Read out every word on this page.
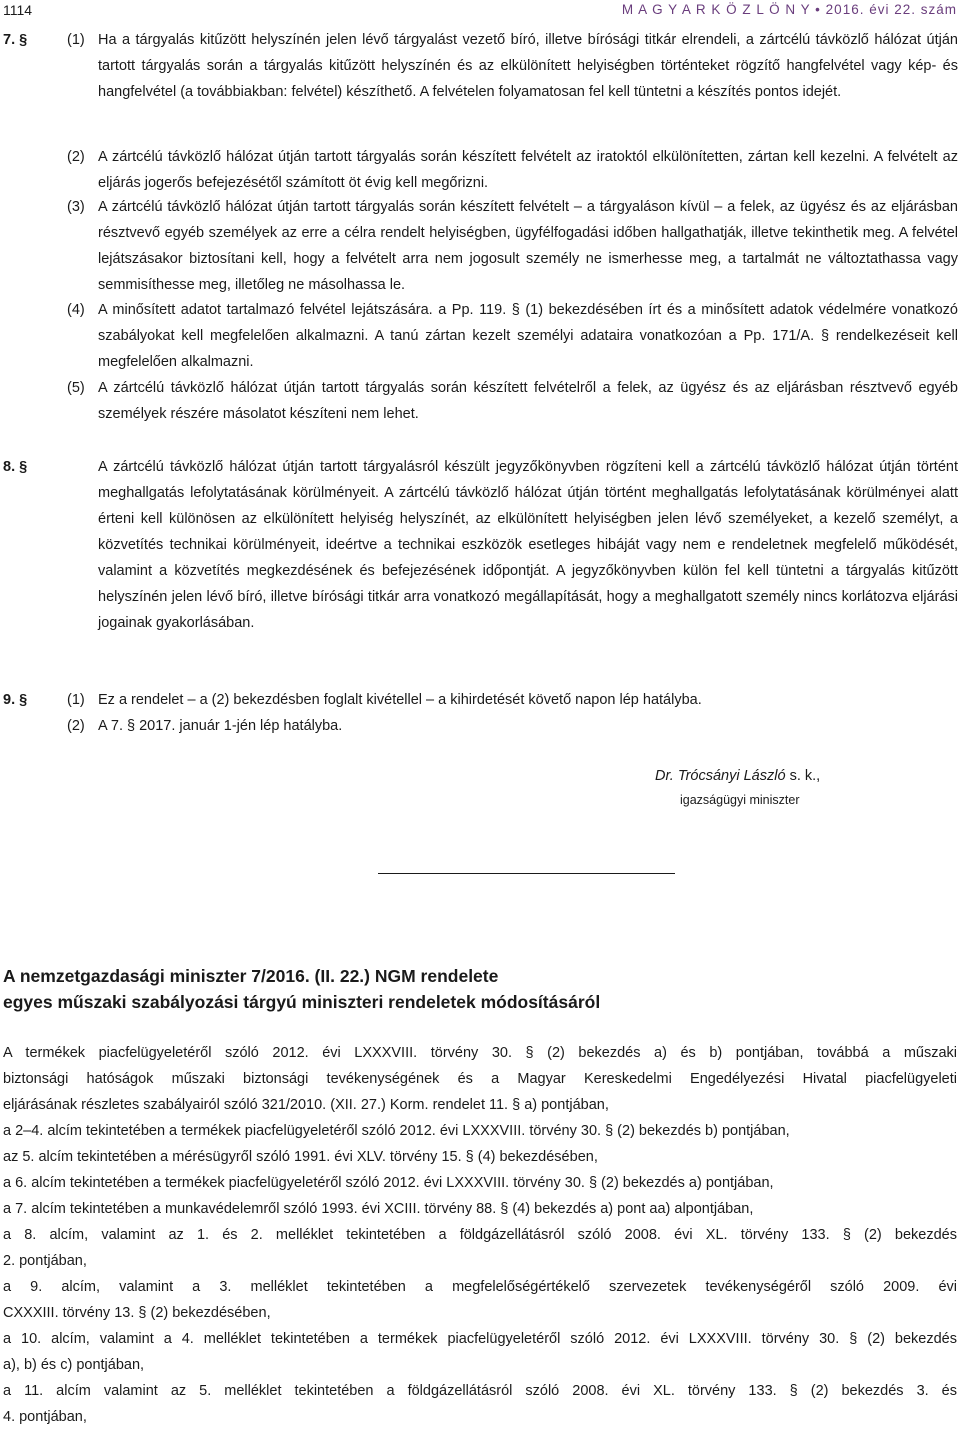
1114	M A G Y A R K Ö Z L Ö N Y • 2016. évi 22. szám
7. §	(1) Ha a tárgyalás kitűzött helyszínén jelen lévő tárgyalást vezető bíró, illetve bírósági titkár elrendeli, a zártcélú távközlő hálózat útján tartott tárgyalás során a tárgyalás kitűzött helyszínén és az elkülönített helyiségben történteket rögzítő hangfelvétel vagy kép- és hangfelvétel (a továbbiakban: felvétel) készíthető. A felvételen folyamatosan fel kell tüntetni a készítés pontos idejét.
(2) A zártcélú távközlő hálózat útján tartott tárgyalás során készített felvételt az iratoktól elkülönítetten, zártan kell kezelni. A felvételt az eljárás jogerős befejezésétől számított öt évig kell megőrizni.
(3) A zártcélú távközlő hálózat útján tartott tárgyalás során készített felvételt – a tárgyaláson kívül – a felek, az ügyész és az eljárásban résztvevő egyéb személyek az erre a célra rendelt helyiségben, ügyfélfogadási időben hallgathatják, illetve tekinthetik meg. A felvétel lejátszásakor biztosítani kell, hogy a felvételt arra nem jogosult személy ne ismerhesse meg, a tartalmát ne változtathassa vagy semmisíthesse meg, illetőleg ne másolhassa le.
(4) A minősített adatot tartalmazó felvétel lejátszására. a Pp. 119. § (1) bekezdésében írt és a minősített adatok védelmére vonatkozó szabályokat kell megfelelően alkalmazni. A tanú zártan kezelt személyi adataira vonatkozóan a Pp. 171/A. § rendelkezéseit kell megfelelően alkalmazni.
(5) A zártcélú távközlő hálózat útján tartott tárgyalás során készített felvételről a felek, az ügyész és az eljárásban résztvevő egyéb személyek részére másolatot készíteni nem lehet.
8. §	A zártcélú távközlő hálózat útján tartott tárgyalásról készült jegyzőkönyvben rögzíteni kell a zártcélú távközlő hálózat útján történt meghallgatás lefolytatásának körülményeit. A zártcélú távközlő hálózat útján történt meghallgatás lefolytatásának körülményei alatt érteni kell különösen az elkülönített helyiség helyszínét, az elkülönített helyiségben jelen lévő személyeket, a kezelő személyt, a közvetítés technikai körülményeit, ideértve a technikai eszközök esetleges hibáját vagy nem e rendeletnek megfelelő működését, valamint a közvetítés megkezdésének és befejezésének időpontját. A jegyzőkönyvben külön fel kell tüntetni a tárgyalás kitűzött helyszínén jelen lévő bíró, illetve bírósági titkár arra vonatkozó megállapítását, hogy a meghallgatott személy nincs korlátozva eljárási jogainak gyakorlásában.
9. §	(1) Ez a rendelet – a (2) bekezdésben foglalt kivétellel – a kihirdetését követő napon lép hatályba.
(2) A 7. § 2017. január 1-jén lép hatályba.
Dr. Trócsányi László s. k.,
igazságügyi miniszter
A nemzetgazdasági miniszter 7/2016. (II. 22.) NGM rendelete
egyes műszaki szabályozási tárgyú miniszteri rendeletek módosításáról
A termékek piacfelügyeletéről szóló 2012. évi LXXXVIII. törvény 30. § (2) bekezdés a) és b) pontjában, továbbá a műszaki
biztonsági hatóságok műszaki biztonsági tevékenységének és a Magyar Kereskedelmi Engedélyezési Hivatal piacfelügyeleti
eljárásának részletes szabályairól szóló 321/2010. (XII. 27.) Korm. rendelet 11. § a) pontjában,
a 2–4. alcím tekintetében a termékek piacfelügyeletéről szóló 2012. évi LXXXVIII. törvény 30. § (2) bekezdés b) pontjában,
az 5. alcím tekintetében a mérésügyről szóló 1991. évi XLV. törvény 15. § (4) bekezdésében,
a 6. alcím tekintetében a termékek piacfelügyeletéről szóló 2012. évi LXXXVIII. törvény 30. § (2) bekezdés a) pontjában,
a 7. alcím tekintetében a munkavédelemről szóló 1993. évi XCIII. törvény 88. § (4) bekezdés a) pont aa) alpontjában,
a 8. alcím, valamint az 1. és 2. melléklet tekintetében a földgázellátásról szóló 2008. évi XL. törvény 133. § (2) bekezdés
2. pontjában,
a 9. alcím, valamint a 3. melléklet tekintetében a megfelelőségértékelő szervezetek tevékenységéről szóló 2009. évi
CXXXIII. törvény 13. § (2) bekezdésében,
a 10. alcím, valamint a 4. melléklet tekintetében a termékek piacfelügyeletéről szóló 2012. évi LXXXVIII. törvény 30. § (2) bekezdés
a), b) és c) pontjában,
a 11. alcím valamint az 5. melléklet tekintetében a földgázellátásról szóló 2008. évi XL. törvény 133. § (2) bekezdés 3. és
4. pontjában,
